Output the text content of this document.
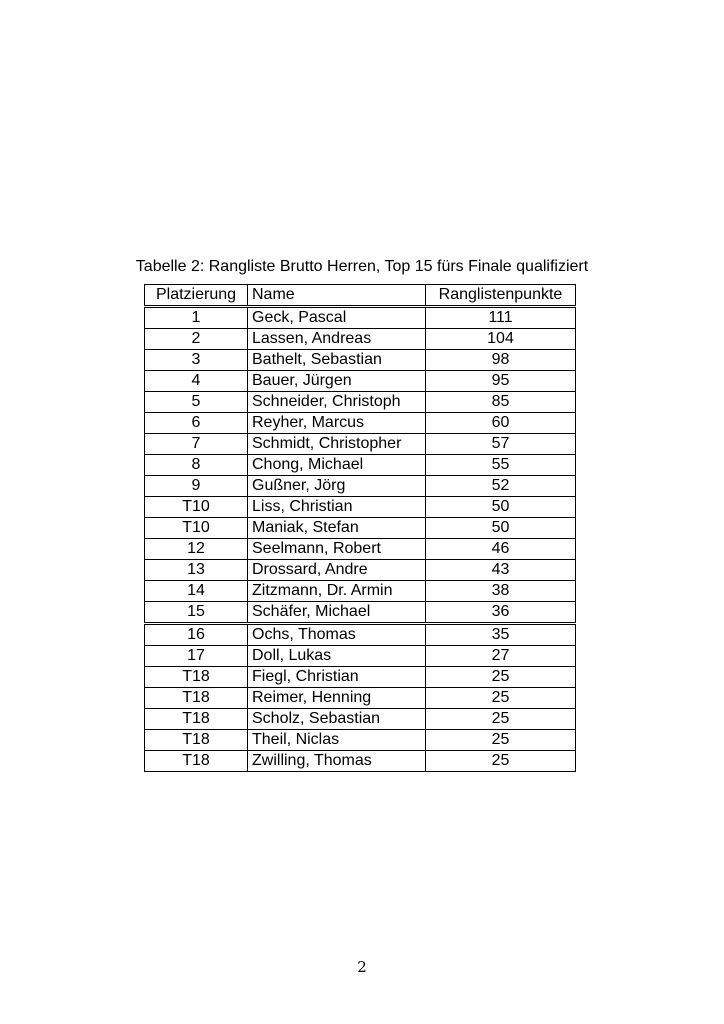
Tabelle 2: Rangliste Brutto Herren, Top 15 fürs Finale qualifiziert
Platzierung	Name	Ranglistenpunkte
1	Geck, Pascal	111
2	Lassen, Andreas	104
3	Bathelt, Sebastian	98
4	Bauer, Jürgen	95
5	Schneider, Christoph	85
6	Reyher, Marcus	60
7	Schmidt, Christopher	57
8	Chong, Michael	55
9	Gußner, Jörg	52
T10	Liss, Christian	50
T10	Maniak, Stefan	50
12	Seelmann, Robert	46
13	Drossard, Andre	43
14	Zitzmann, Dr. Armin	38
15	Schäfer, Michael	36
16	Ochs, Thomas	35
17	Doll, Lukas	27
T18	Fiegl, Christian	25
T18	Reimer, Henning	25
T18	Scholz, Sebastian	25
T18	Theil, Niclas	25
T18	Zwilling, Thomas	25
2
